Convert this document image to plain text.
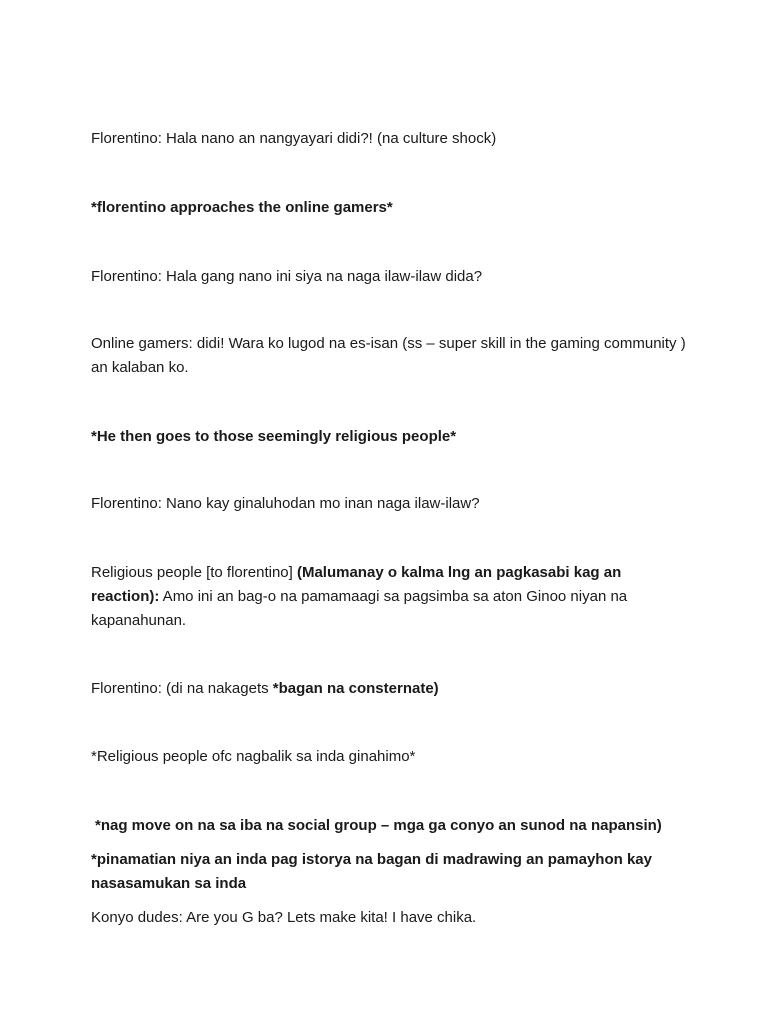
Florentino: Hala nano an nangyayari didi?! (na culture shock)

*florentino approaches the online gamers*

Florentino: Hala gang nano ini siya na naga ilaw-ilaw dida?

Online gamers: didi! Wara ko lugod na es-isan (ss – super skill in the gaming community ) an kalaban ko.

*He then goes to those seemingly religious people*

Florentino: Nano kay ginaluhodan mo inan naga ilaw-ilaw?

Religious people [to florentino] (Malumanay o kalma lng an pagkasabi kag an reaction): Amo ini an bag-o na pamamaagi sa pagsimba sa aton Ginoo niyan na kapanahunan.

Florentino: (di na nakagets *bagan na consternate)

*Religious people ofc nagbalik sa inda ginahimo*

*nag move on na sa iba na social group – mga ga conyo an sunod na napansin)

*pinamatian niya an inda pag istorya na bagan di madrawing an pamayhon kay nasasamukan sa inda

Konyo dudes: Are you G ba? Lets make kita! I have chika.
